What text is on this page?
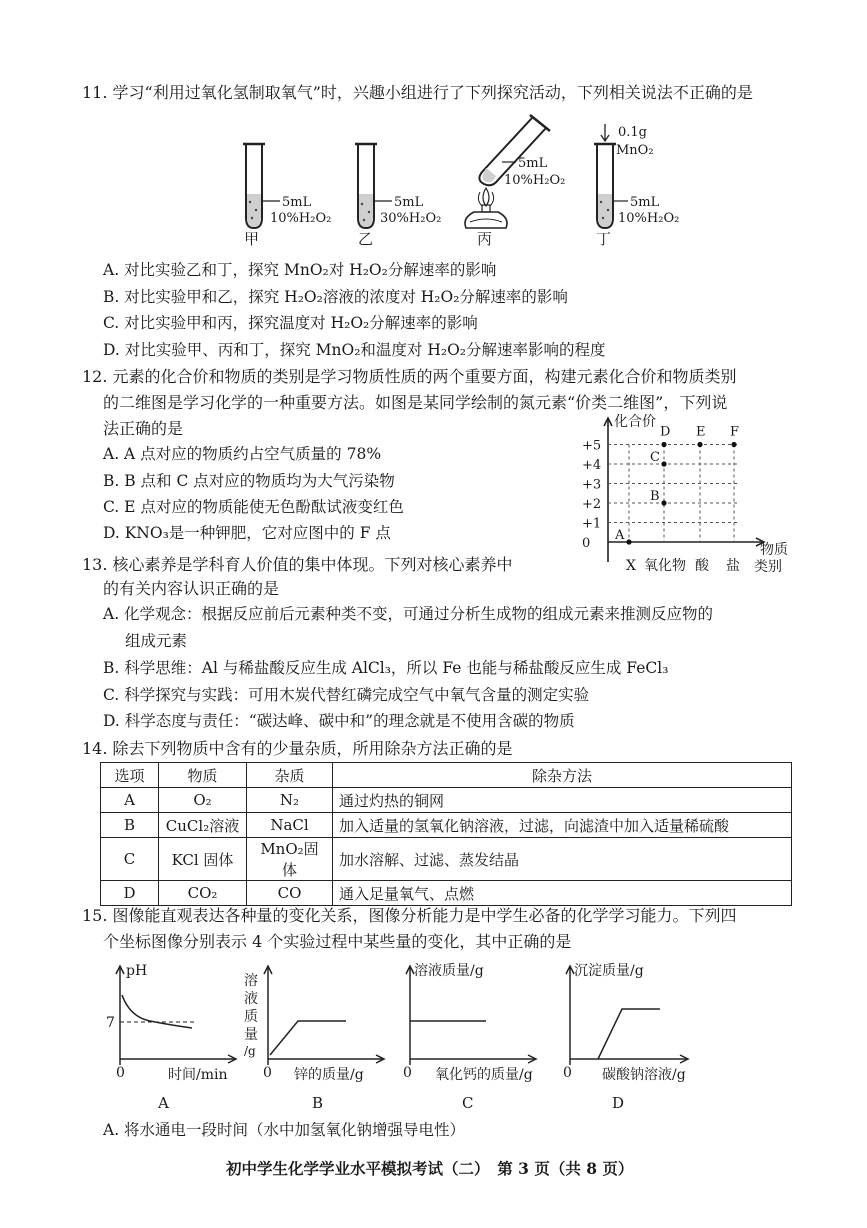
11. 学习“利用过氧化氢制取氧气”时，兴趣小组进行了下列探究活动，下列相关说法不正确的是
5mL
10%H₂O₂
甲
5mL
30%H₂O₂
乙
5mL
10%H₂O₂
丙
0.1g
MnO₂
5mL
10%H₂O₂
丁
A. 对比实验乙和丁，探究 MnO₂对 H₂O₂分解速率的影响
B. 对比实验甲和乙，探究 H₂O₂溶液的浓度对 H₂O₂分解速率的影响
C. 对比实验甲和丙，探究温度对 H₂O₂分解速率的影响
D. 对比实验甲、丙和丁，探究 MnO₂和温度对 H₂O₂分解速率影响的程度
12. 元素的化合价和物质的类别是学习物质性质的两个重要方面，构建元素化合价和物质类别
的二维图是学习化学的一种重要方法。如图是某同学绘制的氮元素“价类二维图”，下列说
法正确的是
A. A 点对应的物质约占空气质量的 78%
B. B 点和 C 点对应的物质均为大气污染物
C. E 点对应的物质能使无色酚酞试液变红色
D. KNO₃是一种钾肥，它对应图中的 F 点
化合价
物质
类别
0
+1
+2
+3
+4
+5
X 氧化物 酸 盐
A
B
C
D E F
13. 核心素养是学科育人价值的集中体现。下列对核心素养中
的有关内容认识正确的是
A. 化学观念：根据反应前后元素种类不变，可通过分析生成物的组成元素来推测反应物的
组成元素
B. 科学思维：Al 与稀盐酸反应生成 AlCl₃，所以 Fe 也能与稀盐酸反应生成 FeCl₃
C. 科学探究与实践：可用木炭代替红磷完成空气中氧气含量的测定实验
D. 科学态度与责任：“碳达峰、碳中和”的理念就是不使用含碳的物质
14. 除去下列物质中含有的少量杂质，所用除杂方法正确的是
选项	物质	杂质	除杂方法
A	O₂	N₂	通过灼热的铜网
B	CuCl₂溶液	NaCl	加入适量的氢氧化钠溶液，过滤，向滤渣中加入适量稀硫酸
C	KCl 固体	MnO₂固体	加水溶解、过滤、蒸发结晶
D	CO₂	CO	通入足量氧气、点燃
15. 图像能直观表达各种量的变化关系，图像分析能力是中学生必备的化学学习能力。下列四
个坐标图像分别表示 4 个实验过程中某些量的变化，其中正确的是
pH
7
0	时间/min
A
溶
液
质
量
/g
0 锌的质量/g
B
溶液质量/g
0 氧化钙的质量/g
C
沉淀质量/g
0 碳酸钠溶液/g
D
A. 将水通电一段时间（水中加氢氧化钠增强导电性）
初中学生化学学业水平模拟考试（二）　第 3 页（共 8 页）
